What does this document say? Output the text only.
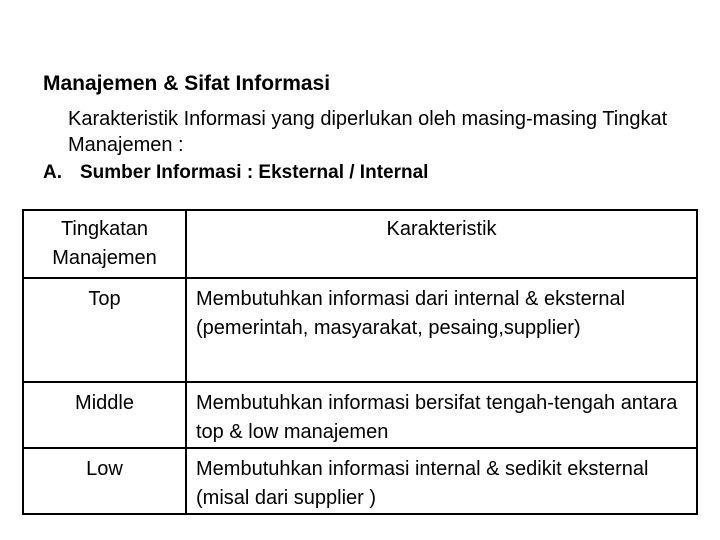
Manajemen & Sifat Informasi
Karakteristik Informasi yang diperlukan oleh masing-masing Tingkat Manajemen :
A. Sumber Informasi : Eksternal / Internal
Tingkatan Manajemen	Karakteristik
Top	Membutuhkan informasi dari internal & eksternal (pemerintah, masyarakat, pesaing,supplier)
Middle	Membutuhkan informasi bersifat tengah-tengah antara top & low manajemen
Low	Membutuhkan informasi internal & sedikit eksternal (misal dari supplier )
